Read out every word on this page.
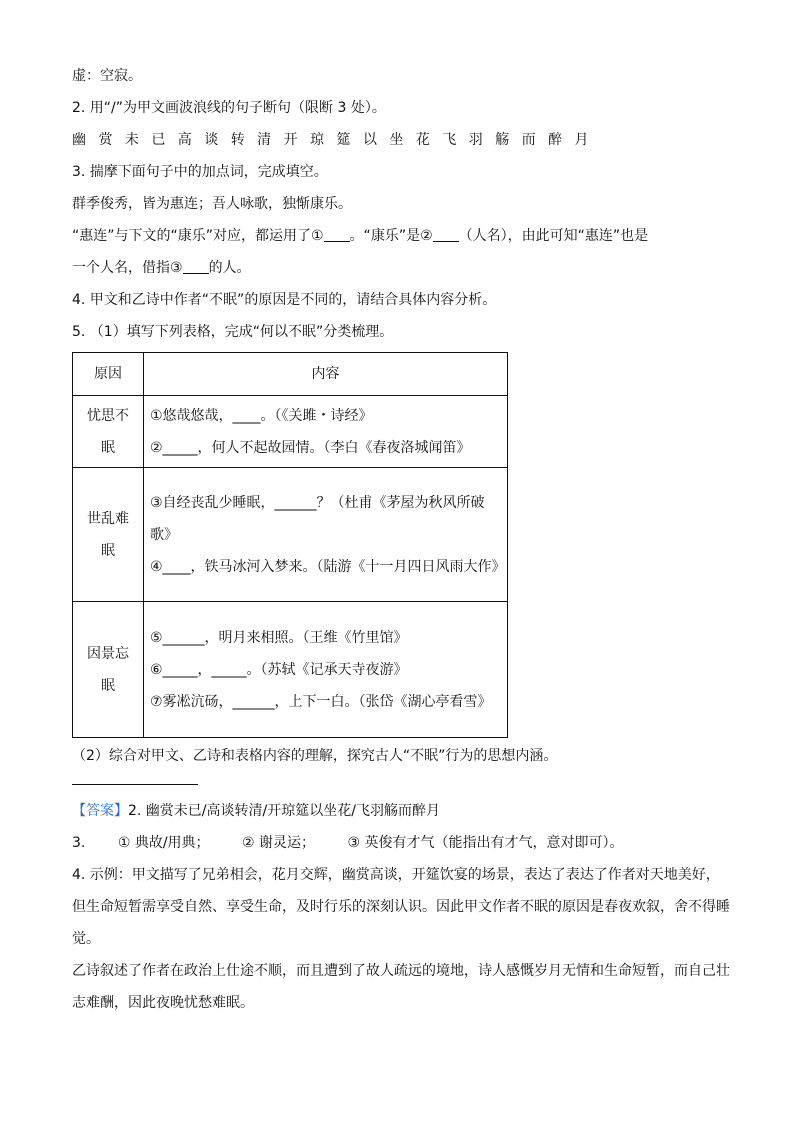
虚：空寂。
2. 用“/”为甲文画波浪线的句子断句（限断 3 处）。
幽 赏 未 已 高 谈 转 清 开 琼 筵 以 坐 花 飞 羽 觞 而 醉 月
3. 揣摩下面句子中的加点词，完成填空。
群季俊秀，皆为惠连；吾人咏歌，独惭康乐。
“惠连”与下文的“康乐”对应，都运用了① 。“康乐”是② （人名），由此可知“惠连”也是
一个人名，借指③ 的人。
4. 甲文和乙诗中作者“不眠”的原因是不同的，请结合具体内容分析。
5. （1）填写下列表格，完成“何以不眠”分类梳理。
原因	内容
忧思不眠	①悠哉悠哉，____。（《关雎・诗经》
②_____，何人不起故园情。（李白《春夜洛城闻笛》

世乱难眠	③自经丧乱少睡眠，______？（杜甫《茅屋为秋风所破歌》
④____，铁马冰河入梦来。（陆游《十一月四日风雨大作》

因景忘眠	⑤______，明月来相照。（王维《竹里馆》
⑥_____，_____。（苏轼《记承天寺夜游》
⑦雾凇沆砀，______，上下一白。（张岱《湖心亭看雪》
（2）综合对甲文、乙诗和表格内容的理解，探究古人“不眠”行为的思想内涵。
【答案】2. 幽赏未已/高谈转清/开琼筵以坐花/飞羽觞而醉月
3. ① 典故/用典； ② 谢灵运； ③ 英俊有才气（能指出有才气，意对即可）。
4. 示例：甲文描写了兄弟相会，花月交辉，幽赏高谈，开筵饮宴的场景，表达了表达了作者对天地美好，但生命短暂需享受自然、享受生命，及时行乐的深刻认识。因此甲文作者不眠的原因是春夜欢叙，舍不得睡觉。
乙诗叙述了作者在政治上仕途不顺，而且遭到了故人疏远的境地，诗人感慨岁月无情和生命短暂，而自己壮志难酬，因此夜晚忧愁难眠。
